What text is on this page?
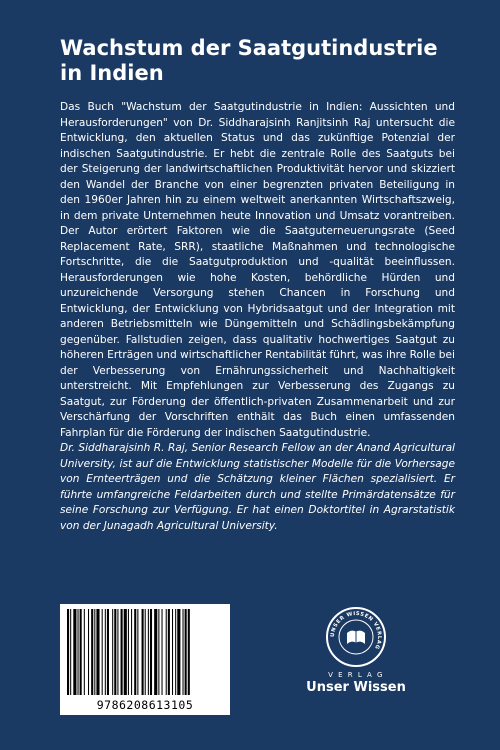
Wachstum der Saatgutindustrie
in Indien

Das Buch "Wachstum der Saatgutindustrie in Indien: Aussichten und Herausforderungen" von Dr. Siddharajsinh Ranjitsinh Raj untersucht die Entwicklung, den aktuellen Status und das zukünftige Potenzial der indischen Saatgutindustrie. Er hebt die zentrale Rolle des Saatguts bei der Steigerung der landwirtschaftlichen Produktivität hervor und skizziert den Wandel der Branche von einer begrenzten privaten Beteiligung in den 1960er Jahren hin zu einem weltweit anerkannten Wirtschaftszweig, in dem private Unternehmen heute Innovation und Umsatz vorantreiben. Der Autor erörtert Faktoren wie die Saatguterneuerungsrate (Seed Replacement Rate, SRR), staatliche Maßnahmen und technologische Fortschritte, die die Saatgutproduktion und -qualität beeinflussen. Herausforderungen wie hohe Kosten, behördliche Hürden und unzureichende Versorgung stehen Chancen in Forschung und Entwicklung, der Entwicklung von Hybridsaatgut und der Integration mit anderen Betriebsmitteln wie Düngemitteln und Schädlingsbekämpfung gegenüber. Fallstudien zeigen, dass qualitativ hochwertiges Saatgut zu höheren Erträgen und wirtschaftlicher Rentabilität führt, was ihre Rolle bei der Verbesserung von Ernährungssicherheit und Nachhaltigkeit unterstreicht. Mit Empfehlungen zur Verbesserung des Zugangs zu Saatgut, zur Förderung der öffentlich-privaten Zusammenarbeit und zur Verschärfung der Vorschriften enthält das Buch einen umfassenden Fahrplan für die Förderung der indischen Saatgutindustrie.

Dr. Siddharajsinh R. Raj, Senior Research Fellow an der Anand Agricultural University, ist auf die Entwicklung statistischer Modelle für die Vorhersage von Ernteerträgen und die Schätzung kleiner Flächen spezialisiert. Er führte umfangreiche Feldarbeiten durch und stellte Primärdatensätze für seine Forschung zur Verfügung. Er hat einen Doktortitel in Agrarstatistik von der Junagadh Agricultural University.

9786208613105
UNSER WISSEN VERLAG
V E R L A G
Unser Wissen
